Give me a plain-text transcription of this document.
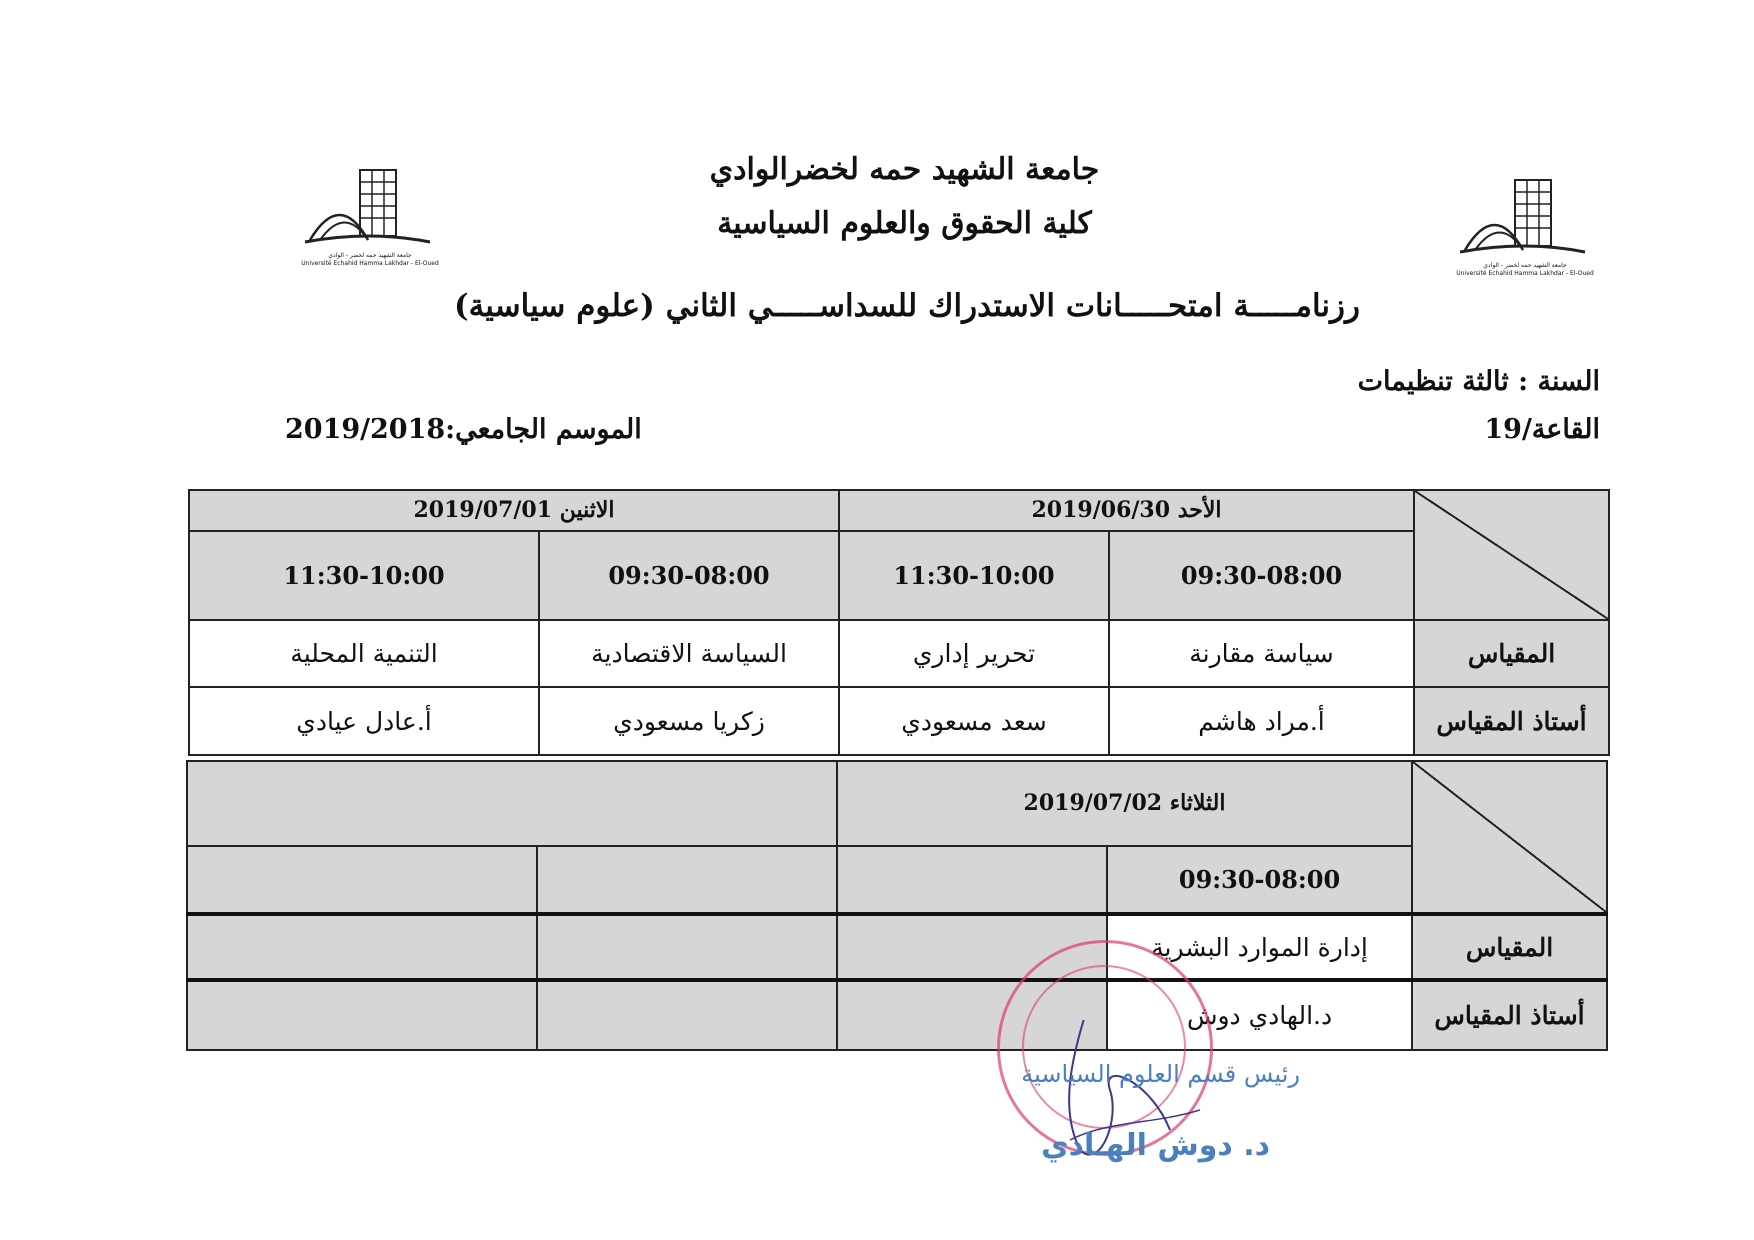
جامعة الشهيد حمه لخضر - الوادي
Université Echahid Hamma Lakhdar - El-Oued	جامعة الشهيد حمه لخضر - الوادي
Université Echahid Hamma Lakhdar - El-Oued
جامعة الشهيد حمه لخضرالوادي
كلية الحقوق والعلوم السياسية
رزنامـــــة امتحـــــانات الاستدراك للسداســـــي الثاني (علوم سياسية)
السنة : ثالثة تنظيمات
القاعة/19
الموسم الجامعي:2019/2018
	الأحد 2019/06/30		الاثنين 2019/07/01	
	09:30-08:00	11:30-10:00	09:30-08:00	11:30-10:00
المقياس	سياسة مقارنة	تحرير إداري	السياسة الاقتصادية	التنمية المحلية
أستاذ المقياس	أ.مراد هاشم	سعد مسعودي	زكريا مسعودي	أ.عادل عيادي
	الثلاثاء 2019/07/02			
	09:30-08:00			
المقياس	إدارة الموارد البشرية			
أستاذ المقياس	د.الهادي دوش			
رئيس قسم العلوم السياسية
د. دوش الهـادي
